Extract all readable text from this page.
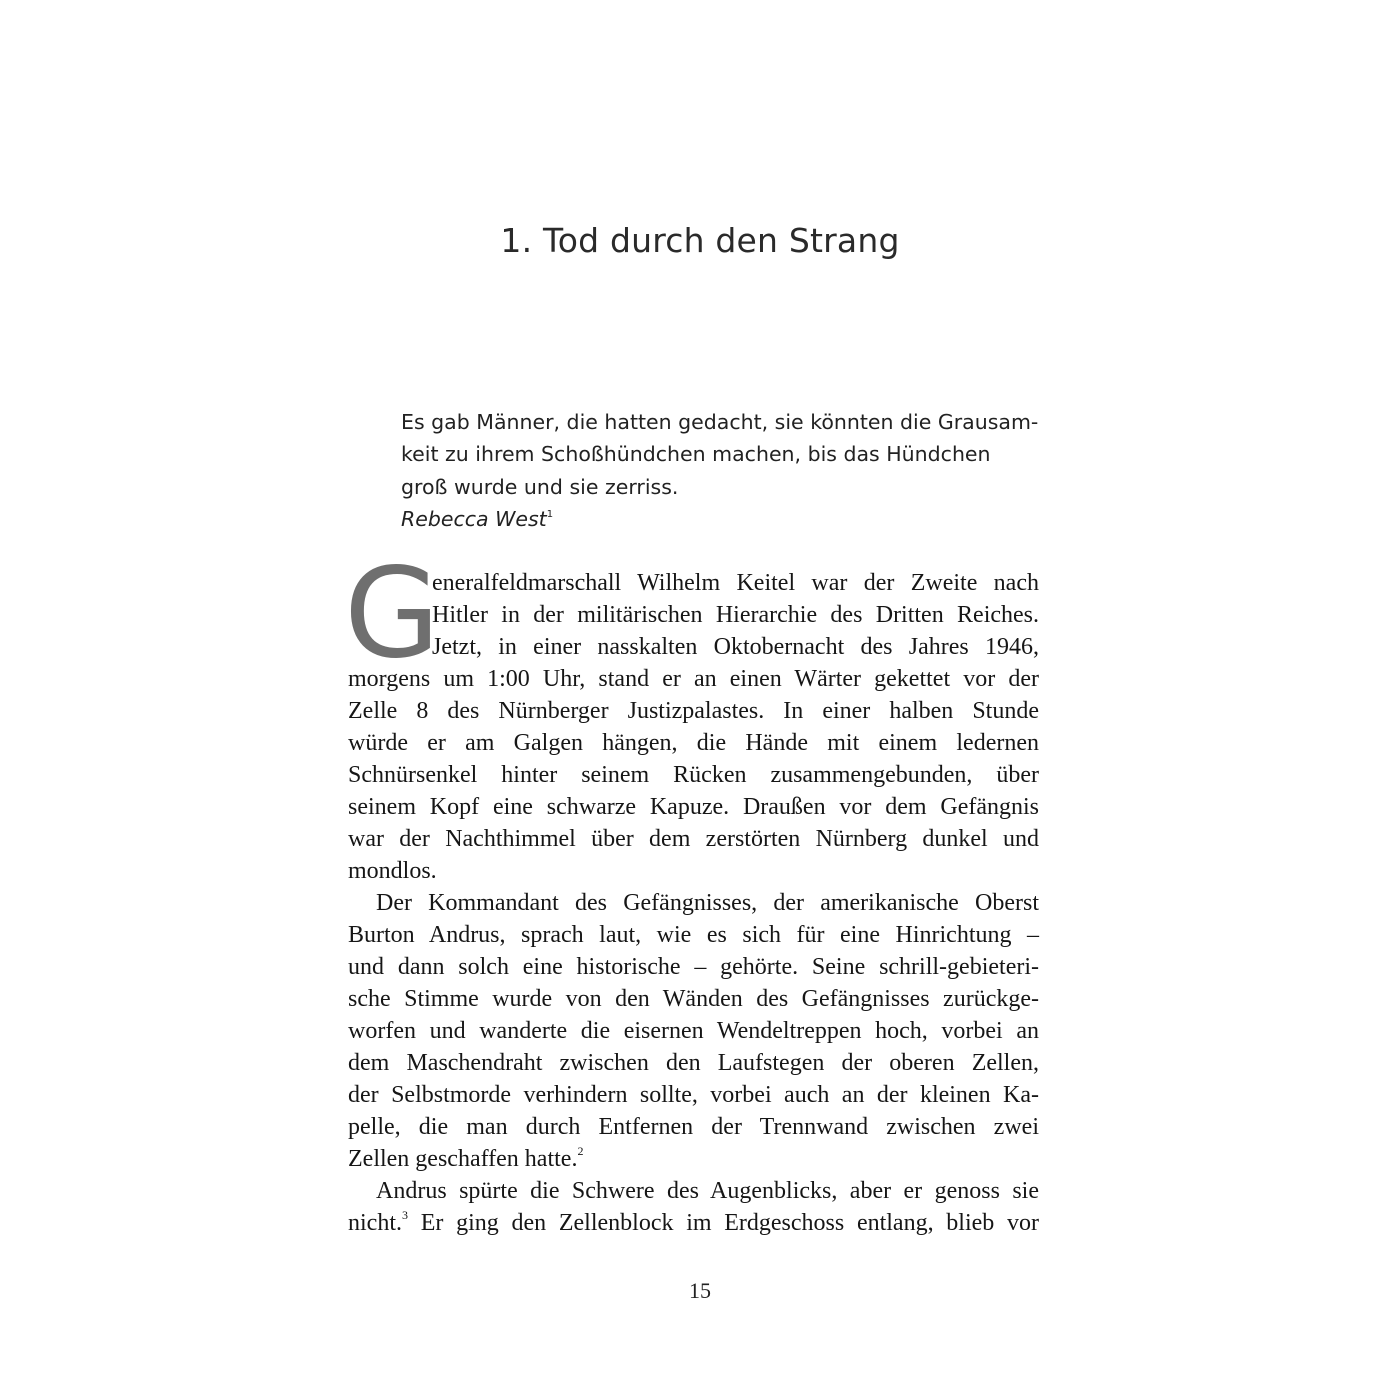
1. Tod durch den Strang
Es gab Männer, die hatten gedacht, sie könnten die Grausam-
keit zu ihrem Schoßhündchen machen, bis das Hündchen
groß wurde und sie zerriss.
Rebecca West$^1$
G
eneralfeldmarschall Wilhelm Keitel war der Zweite nach
Hitler in der militärischen Hierarchie des Dritten Reiches.
Jetzt, in einer nasskalten Oktobernacht des Jahres 1946,
morgens um 1:00 Uhr, stand er an einen Wärter gekettet vor der
Zelle 8 des Nürnberger Justizpalastes. In einer halben Stunde
würde er am Galgen hängen, die Hände mit einem ledernen
Schnürsenkel hinter seinem Rücken zusammengebunden, über
seinem Kopf eine schwarze Kapuze. Draußen vor dem Gefängnis
war der Nachthimmel über dem zerstörten Nürnberg dunkel und
mondlos.
Der Kommandant des Gefängnisses, der amerikanische Oberst
Burton Andrus, sprach laut, wie es sich für eine Hinrichtung –
und dann solch eine historische – gehörte. Seine schrill-gebieteri-
sche Stimme wurde von den Wänden des Gefängnisses zurückge-
worfen und wanderte die eisernen Wendeltreppen hoch, vorbei an
dem Maschendraht zwischen den Laufstegen der oberen Zellen,
der Selbstmorde verhindern sollte, vorbei auch an der kleinen Ka-
pelle, die man durch Entfernen der Trennwand zwischen zwei
Zellen geschaffen hatte.$^2$
Andrus spürte die Schwere des Augenblicks, aber er genoss sie
nicht.$^3$ Er ging den Zellenblock im Erdgeschoss entlang, blieb vor
15
